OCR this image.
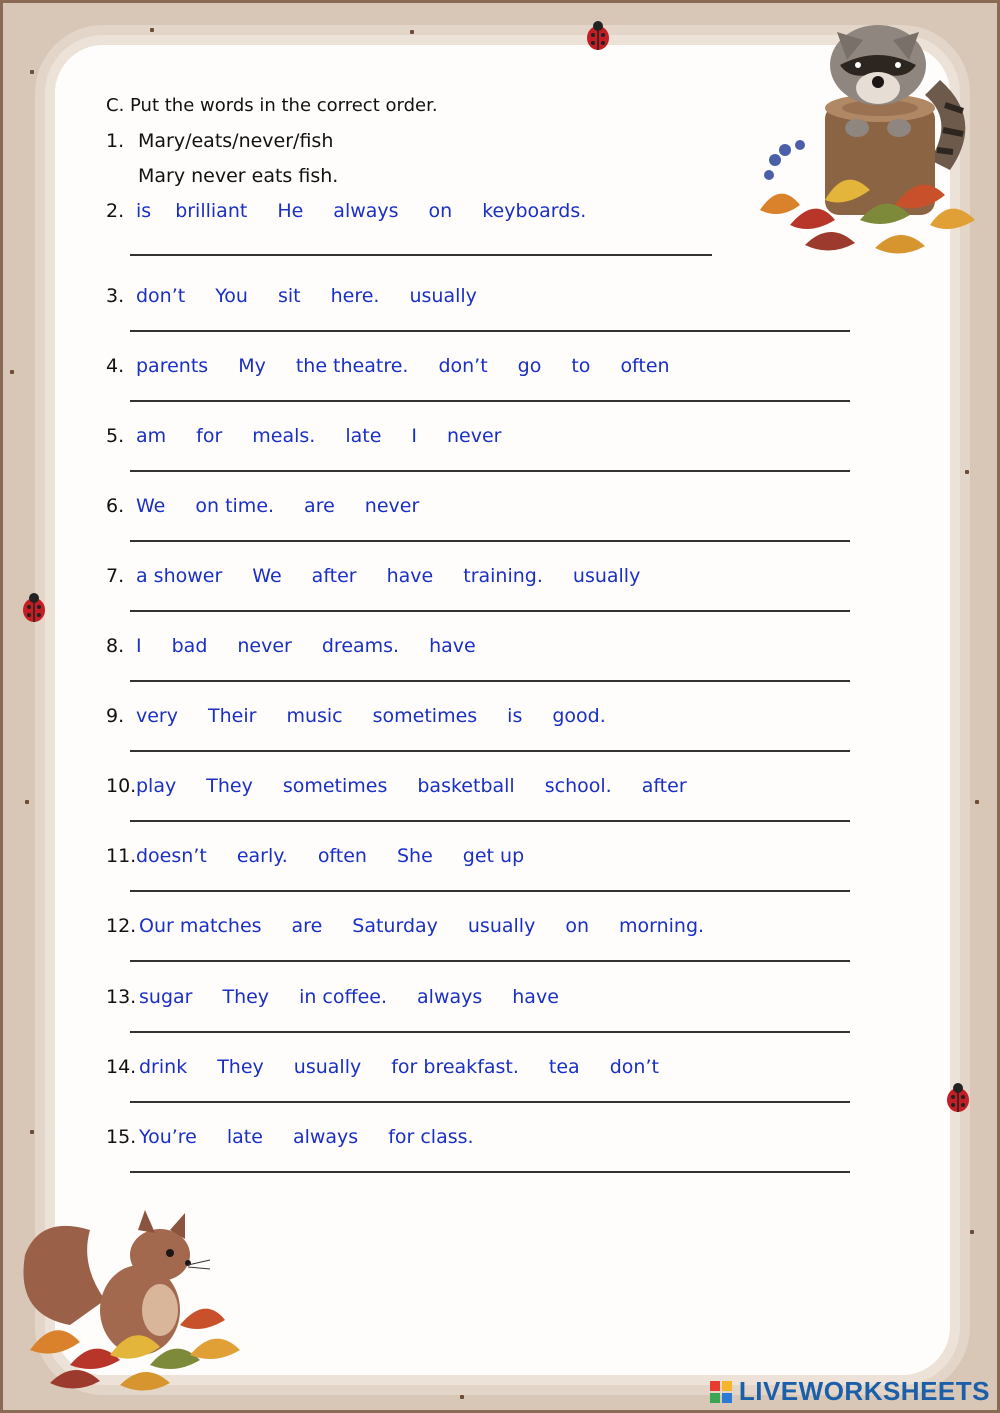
C. Put the words in the correct order.
1. Mary/eats/never/fish
Mary never eats fish.
2. is brilliant He always on keyboards.
3. don’t You sit here. usually
4. parents My the theatre. don’t go to often
5. am for meals. late I never
6. We on time. are never
7. a shower We after have training. usually
8. I bad never dreams. have
9. very Their music sometimes is good.
10. play They sometimes basketball school. after
11. doesn’t early. often She get up
12. Our matches are Saturday usually on morning.
13. sugar They in coffee. always have
14. drink They usually for breakfast. tea don’t
15. You’re late always for class.
LIVEWORKSHEETS
